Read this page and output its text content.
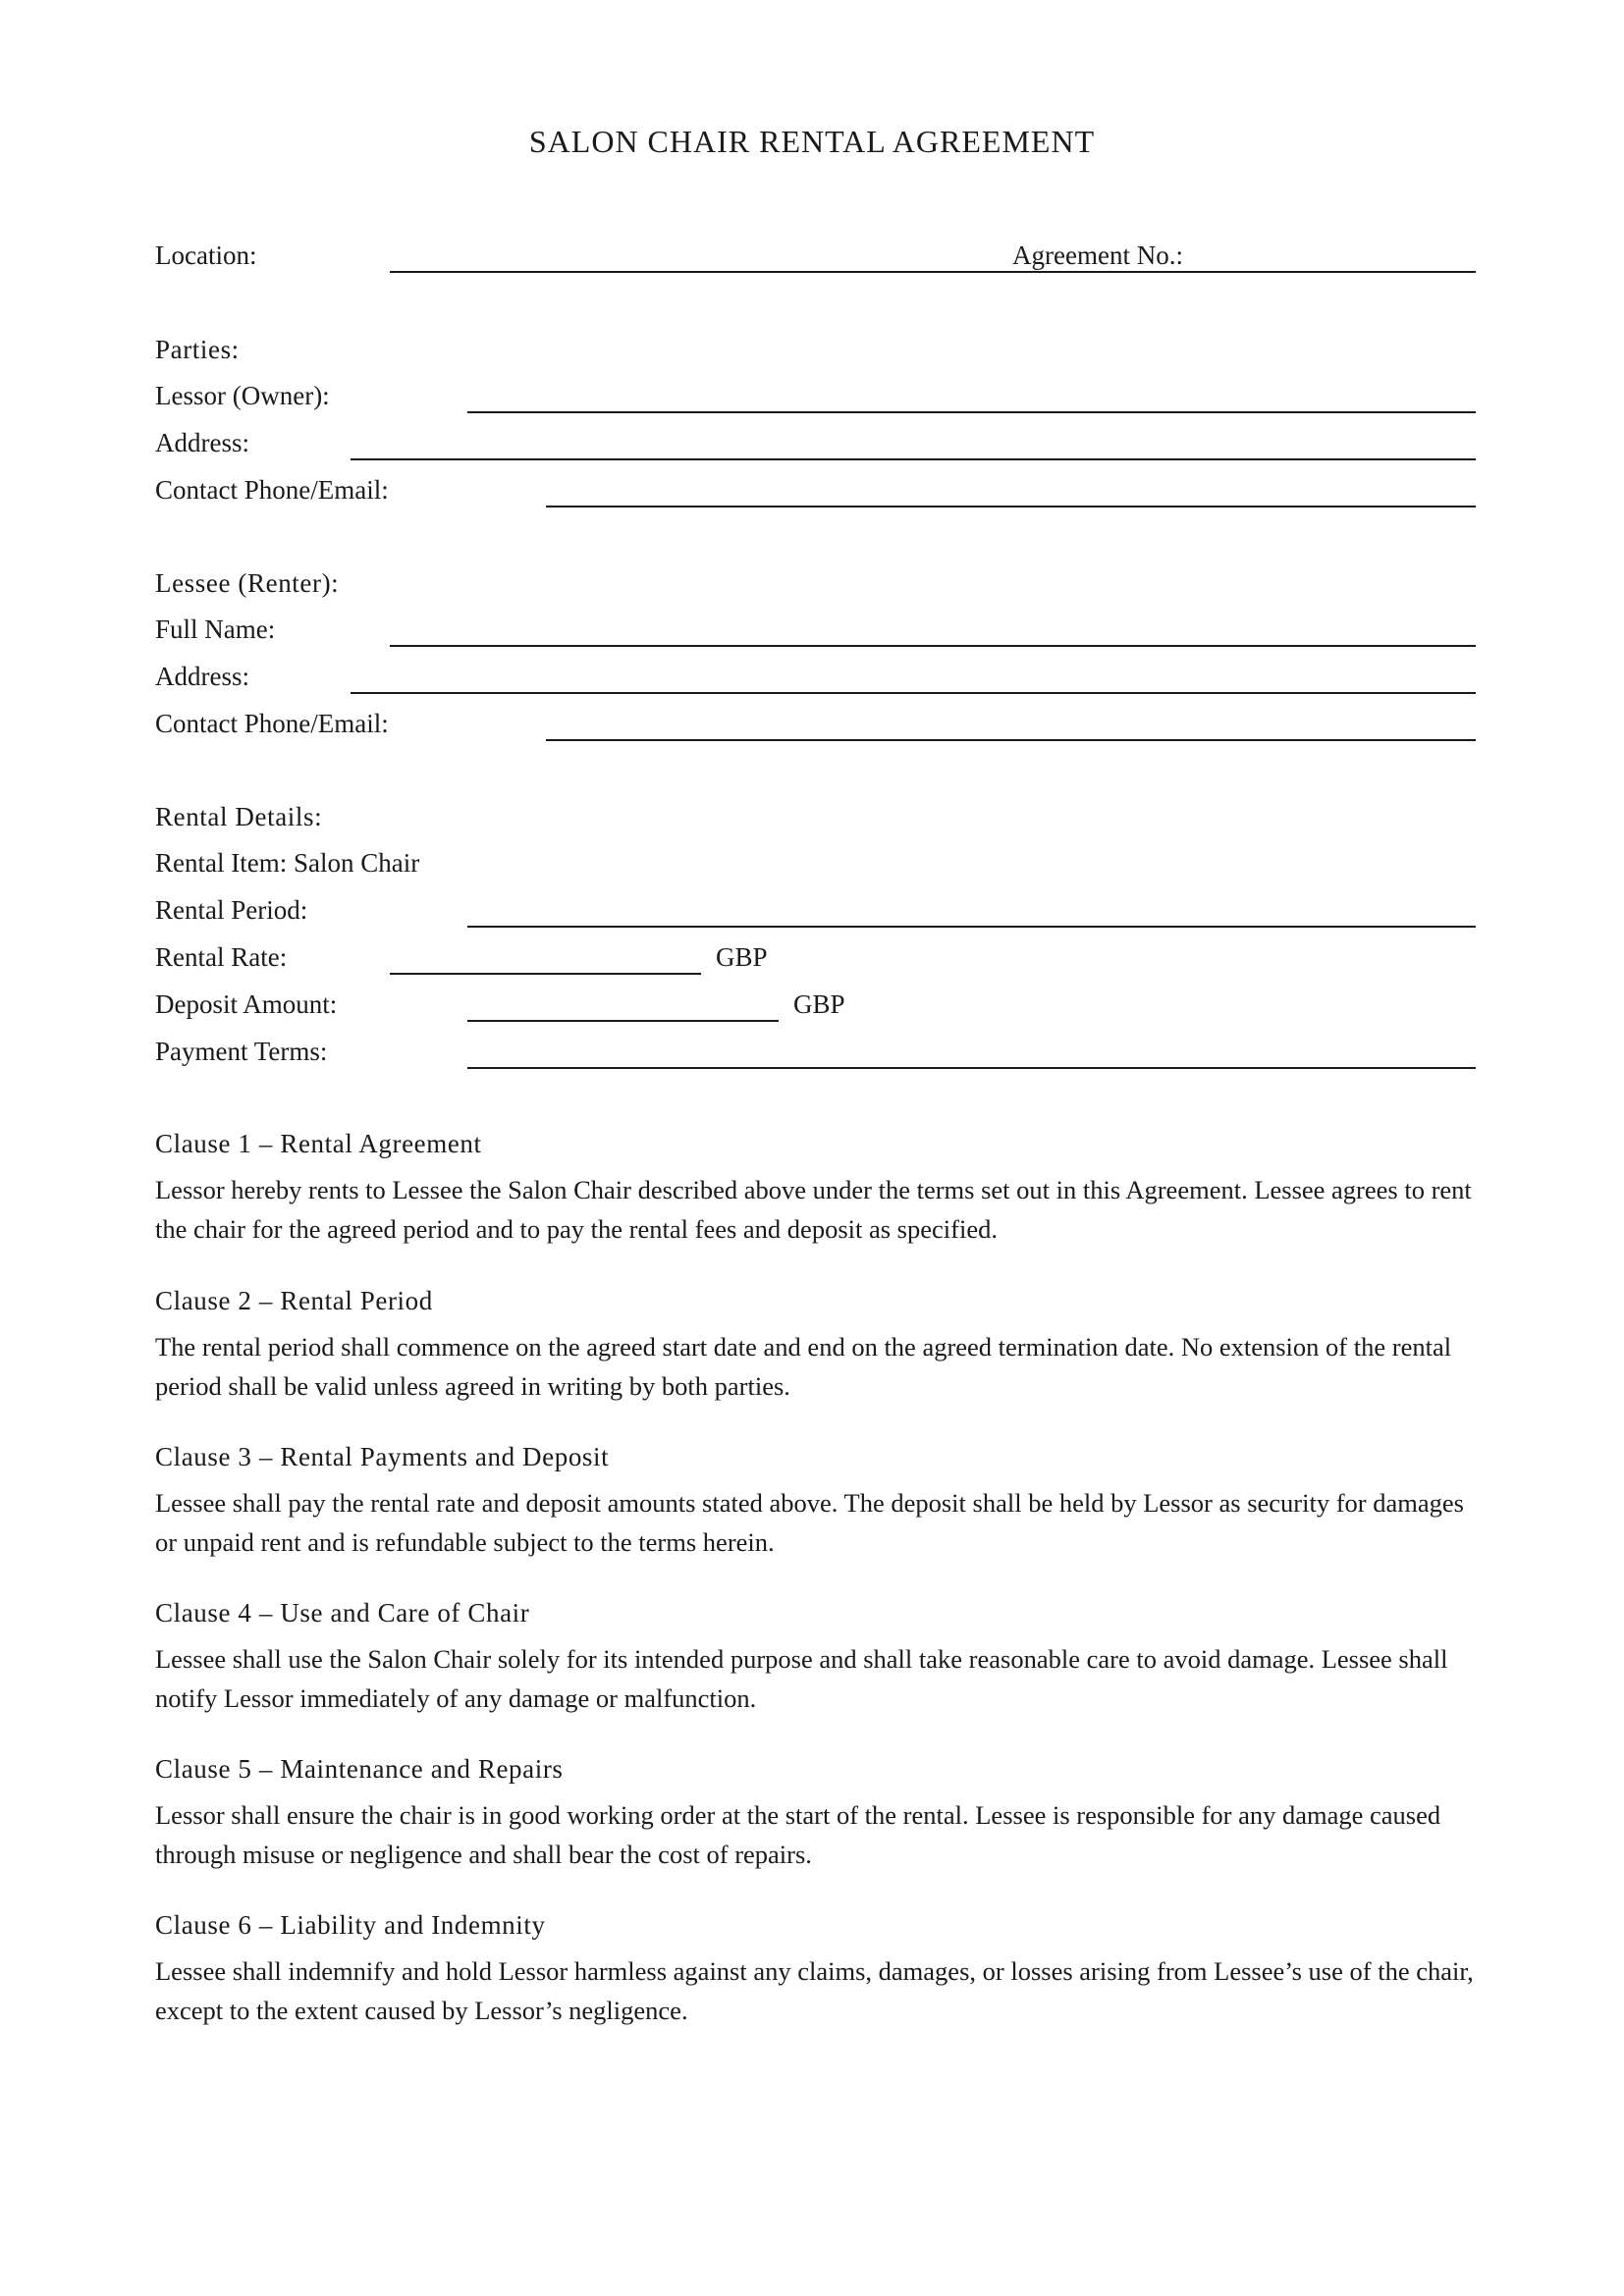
SALON CHAIR RENTAL AGREEMENT
Location:	Agreement No.:
Parties:
Lessor (Owner):
Address:
Contact Phone/Email:
Lessee (Renter):
Full Name:
Address:
Contact Phone/Email:
Rental Details:
Rental Item: Salon Chair
Rental Period:
Rental Rate:	GBP
Deposit Amount:	GBP
Payment Terms:
Clause 1 – Rental Agreement
Lessor hereby rents to Lessee the Salon Chair described above under the terms set out in this Agreement. Lessee agrees to rent the chair for the agreed period and to pay the rental fees and deposit as specified.
Clause 2 – Rental Period
The rental period shall commence on the agreed start date and end on the agreed termination date. No extension of the rental period shall be valid unless agreed in writing by both parties.
Clause 3 – Rental Payments and Deposit
Lessee shall pay the rental rate and deposit amounts stated above. The deposit shall be held by Lessor as security for damages or unpaid rent and is refundable subject to the terms herein.
Clause 4 – Use and Care of Chair
Lessee shall use the Salon Chair solely for its intended purpose and shall take reasonable care to avoid damage. Lessee shall notify Lessor immediately of any damage or malfunction.
Clause 5 – Maintenance and Repairs
Lessor shall ensure the chair is in good working order at the start of the rental. Lessee is responsible for any damage caused through misuse or negligence and shall bear the cost of repairs.
Clause 6 – Liability and Indemnity
Lessee shall indemnify and hold Lessor harmless against any claims, damages, or losses arising from Lessee’s use of the chair, except to the extent caused by Lessor’s negligence.
